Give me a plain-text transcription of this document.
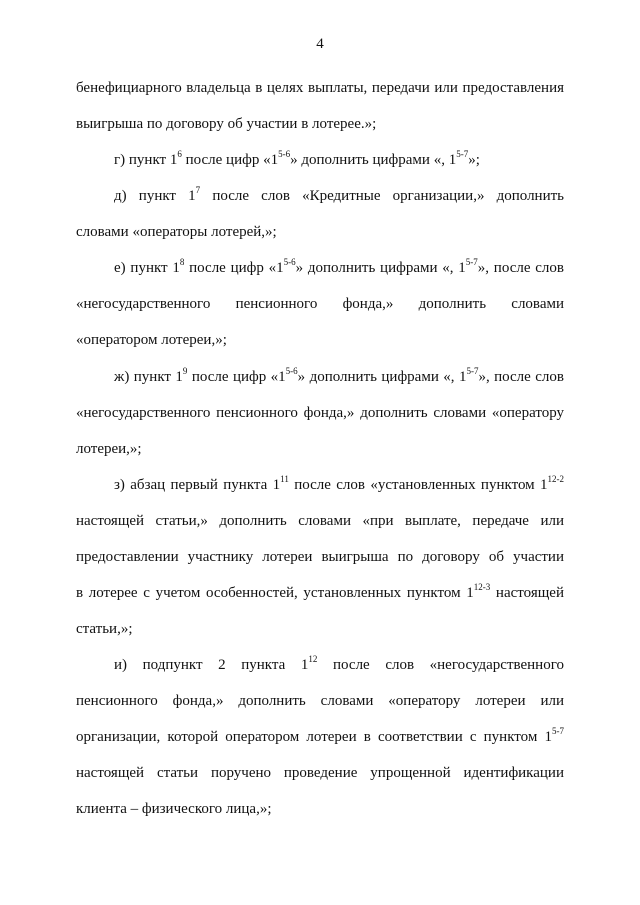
4
бенефициарного владельца в целях выплаты, передачи или предоставления
выигрыша по договору об участии в лотерее.»;
г) пункт $1^6$ после цифр «1$^{5-6}$» дополнить цифрами «, 1$^{5-7}$»;
д) пункт $1^7$ после слов «Кредитные организации,» дополнить
словами «операторы лотерей,»;
е) пункт $1^8$ после цифр «1$^{5-6}$» дополнить цифрами «, 1$^{5-7}$», после слов
«негосударственного пенсионного фонда,» дополнить словами
«оператором лотереи,»;
ж) пункт $1^9$ после цифр «1$^{5-6}$» дополнить цифрами «, 1$^{5-7}$», после слов
«негосударственного пенсионного фонда,» дополнить словами «оператору
лотереи,»;
з) абзац первый пункта $1^{11}$ после слов «установленных пунктом 1$^{12-2}$
настоящей статьи,» дополнить словами «при выплате, передаче или
предоставлении участнику лотереи выигрыша по договору об участии
в лотерее с учетом особенностей, установленных пунктом 1$^{12-3}$ настоящей
статьи,»;
и) подпункт 2 пункта $1^{12}$ после слов «негосударственного
пенсионного фонда,» дополнить словами «оператору лотереи или
организации, которой оператором лотереи в соответствии с пунктом 1$^{5-7}$
настоящей статьи поручено проведение упрощенной идентификации
клиента – физического лица,»;
